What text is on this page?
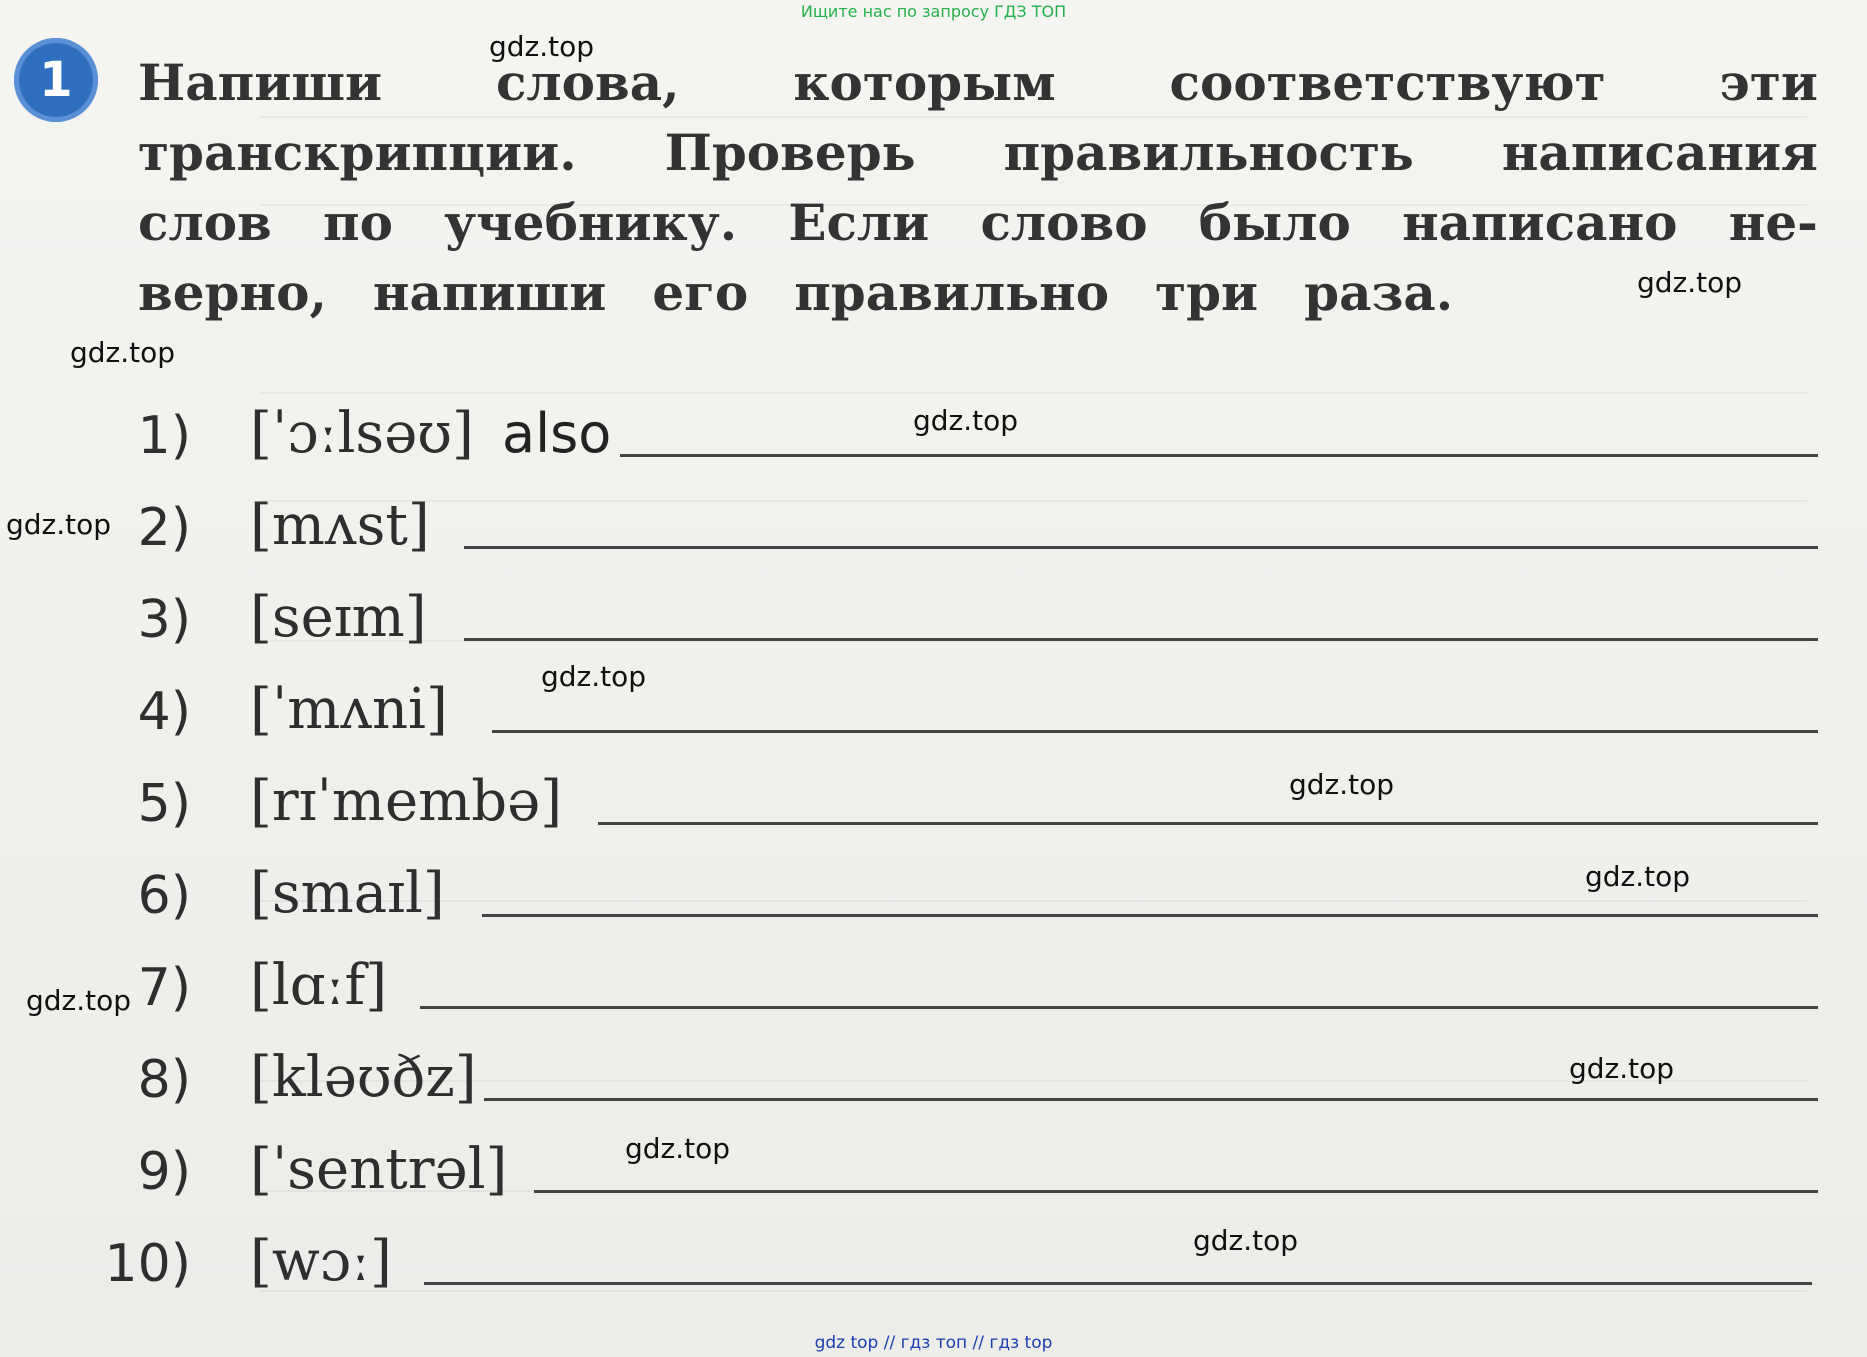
Ищите нас по запросу ГДЗ ТОП
1	Напиши слова, которым соответствуют эти
транскрипции. Проверь правильность написания
слов по учебнику. Если слово было написано не-
верно, напиши его правильно три раза.
1) [ˈɔːlsəʊ] also
2) [mʌst]
3) [seɪm]
4) [ˈmʌni]
5) [rɪˈmembə]
6) [smaɪl]
7) [lɑːf]
8) [kləʊðz]
9) [ˈsentrəl]
10) [wɔː]
gdz.top
gdz.top
gdz.top
gdz.top
gdz.top
gdz.top
gdz.top
gdz.top
gdz.top
gdz.top
gdz.top
gdz.top
gdz top // гдз топ // гдз top
